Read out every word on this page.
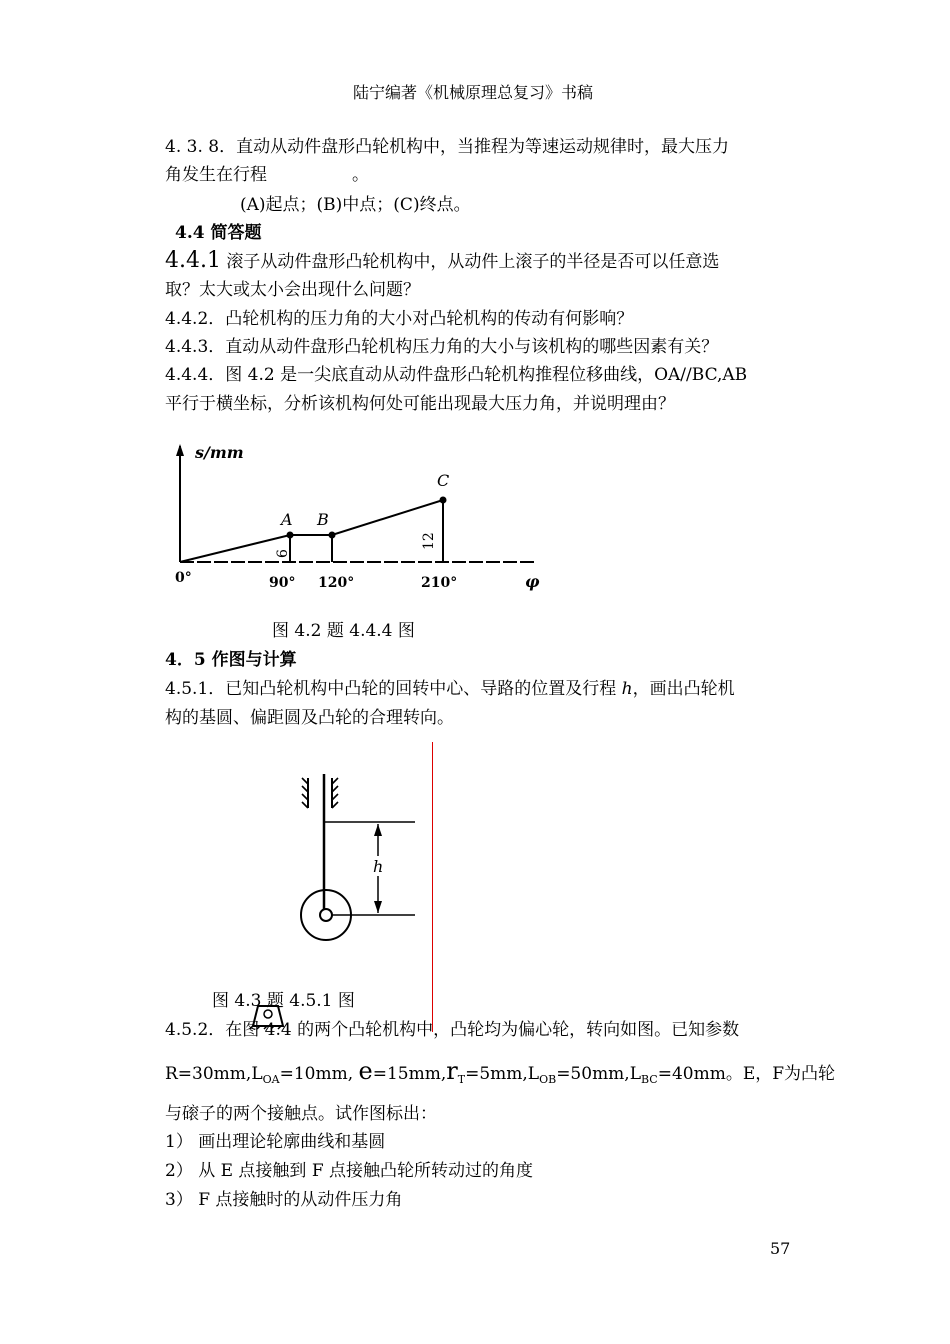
陆宁编著《机械原理总复习》书稿
4. 3. 8．直动从动件盘形凸轮机构中，当推程为等速运动规律时，最大压力
角发生在行程　　　　　。
(A)起点；(B)中点；(C)终点。
4.4 简答题
4.4.1 滚子从动件盘形凸轮机构中，从动件上滚子的半径是否可以任意选
取？太大或太小会出现什么问题？
4.4.2．凸轮机构的压力角的大小对凸轮机构的传动有何影响？
4.4.3．直动从动件盘形凸轮机构压力角的大小与该机构的哪些因素有关？
4.4.4．图 4.2 是一尖底直动从动件盘形凸轮机构推程位移曲线，OA//BC,AB
平行于横坐标，分析该机构何处可能出现最大压力角，并说明理由？
s/mm
A B
C
6
12
0°	90° 120°	210°	φ
图 4.2 题 4.4.4 图
4．5 作图与计算
4.5.1．已知凸轮机构中凸轮的回转中心、导路的位置及行程 h，画出凸轮机
构的基圆、偏距圆及凸轮的合理转向。
h
图 4.3 题 4.5.1 图
4.5.2．在图 4.4 的两个凸轮机构中，凸轮均为偏心轮，转向如图。已知参数
$R=30mm,L_{OA}=10mm$, $e=15mm,r_T=5mm,L_{OB}=50mm,L_{BC}=40mm$。E，F为凸轮
与磙子的两个接触点。试作图标出：
1） 画出理论轮廓曲线和基圆
2） 从 E 点接触到 F 点接触凸轮所转动过的角度
3） F 点接触时的从动件压力角
57
